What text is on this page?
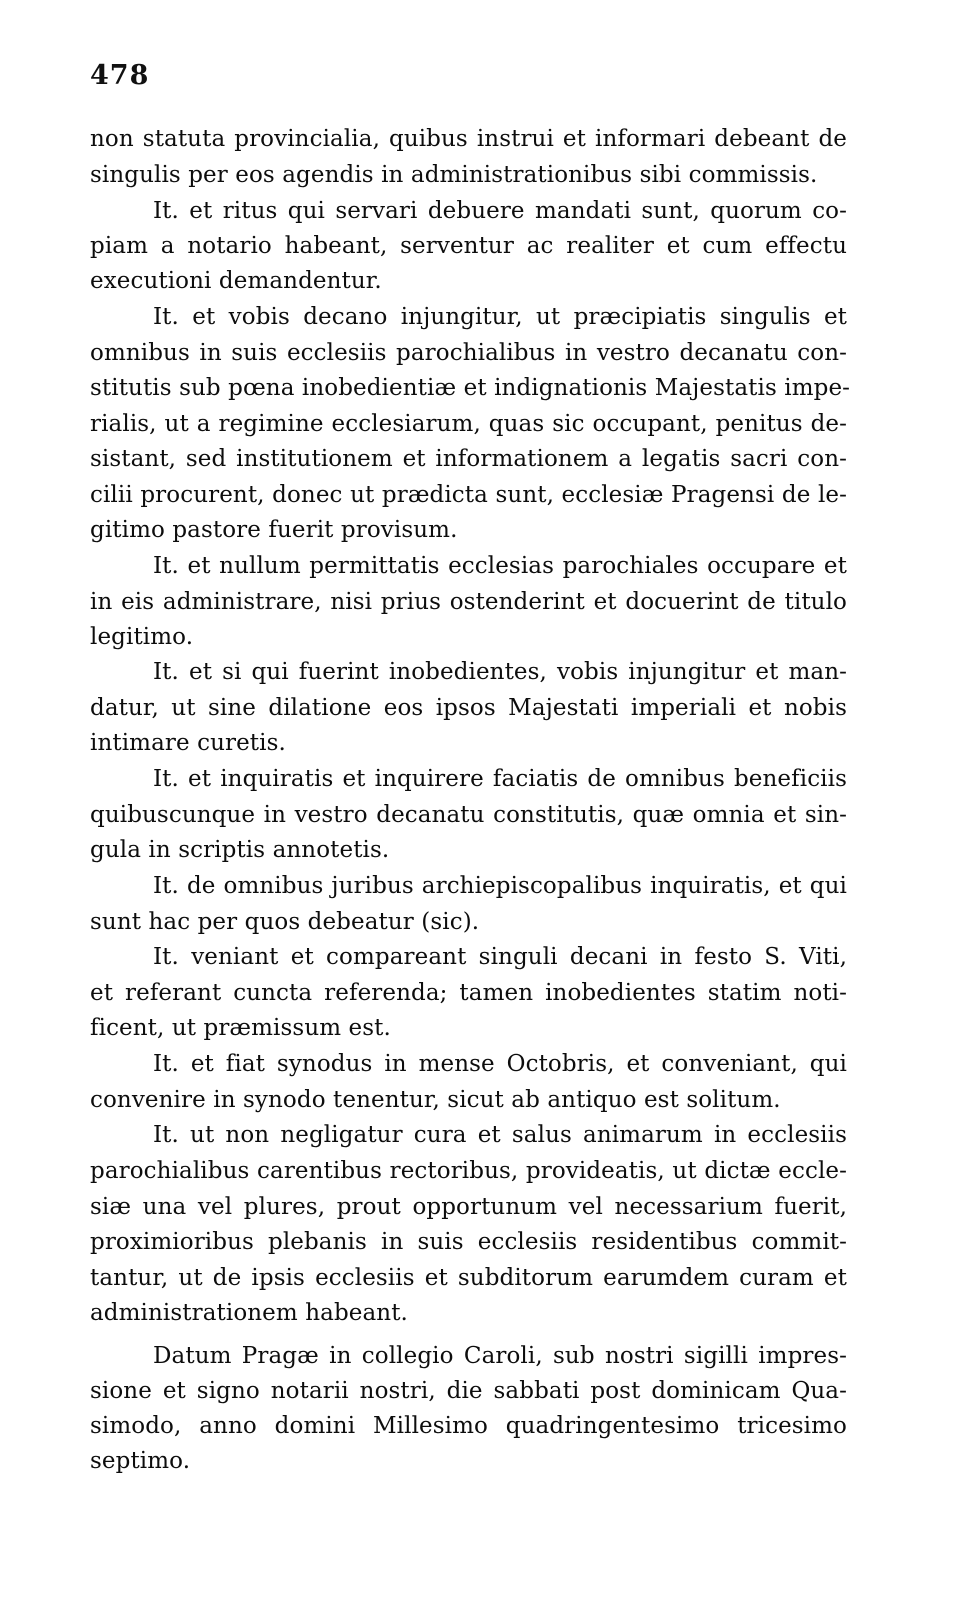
478
non statuta provincialia, quibus instrui et informari debeant de
singulis per eos agendis in administrationibus sibi commissis.
It. et ritus qui servari debuere mandati sunt, quorum co-
piam a notario habeant, serventur ac realiter et cum effectu
executioni demandentur.
It. et vobis decano injungitur, ut præcipiatis singulis et
omnibus in suis ecclesiis parochialibus in vestro decanatu con-
stitutis sub pœna inobedientiæ et indignationis Majestatis impe-
rialis, ut a regimine ecclesiarum, quas sic occupant, penitus de-
sistant, sed institutionem et informationem a legatis sacri con-
cilii procurent, donec ut prædicta sunt, ecclesiæ Pragensi de le-
gitimo pastore fuerit provisum.
It. et nullum permittatis ecclesias parochiales occupare et
in eis administrare, nisi prius ostenderint et docuerint de titulo
legitimo.
It. et si qui fuerint inobedientes, vobis injungitur et man-
datur, ut sine dilatione eos ipsos Majestati imperiali et nobis
intimare curetis.
It. et inquiratis et inquirere faciatis de omnibus beneficiis
quibuscunque in vestro decanatu constitutis, quæ omnia et sin-
gula in scriptis annotetis.
It. de omnibus juribus archiepiscopalibus inquiratis, et qui
sunt hac per quos debeatur (sic).
It. veniant et compareant singuli decani in festo S. Viti,
et referant cuncta referenda; tamen inobedientes statim noti-
ficent, ut præmissum est.
It. et fiat synodus in mense Octobris, et conveniant, qui
convenire in synodo tenentur, sicut ab antiquo est solitum.
It. ut non negligatur cura et salus animarum in ecclesiis
parochialibus carentibus rectoribus, provideatis, ut dictæ eccle-
siæ una vel plures, prout opportunum vel necessarium fuerit,
proximioribus plebanis in suis ecclesiis residentibus commit-
tantur, ut de ipsis ecclesiis et subditorum earumdem curam et
administrationem habeant.
Datum Pragæ in collegio Caroli, sub nostri sigilli impres-
sione et signo notarii nostri, die sabbati post dominicam Qua-
simodo, anno domini Millesimo quadringentesimo tricesimo
septimo.
